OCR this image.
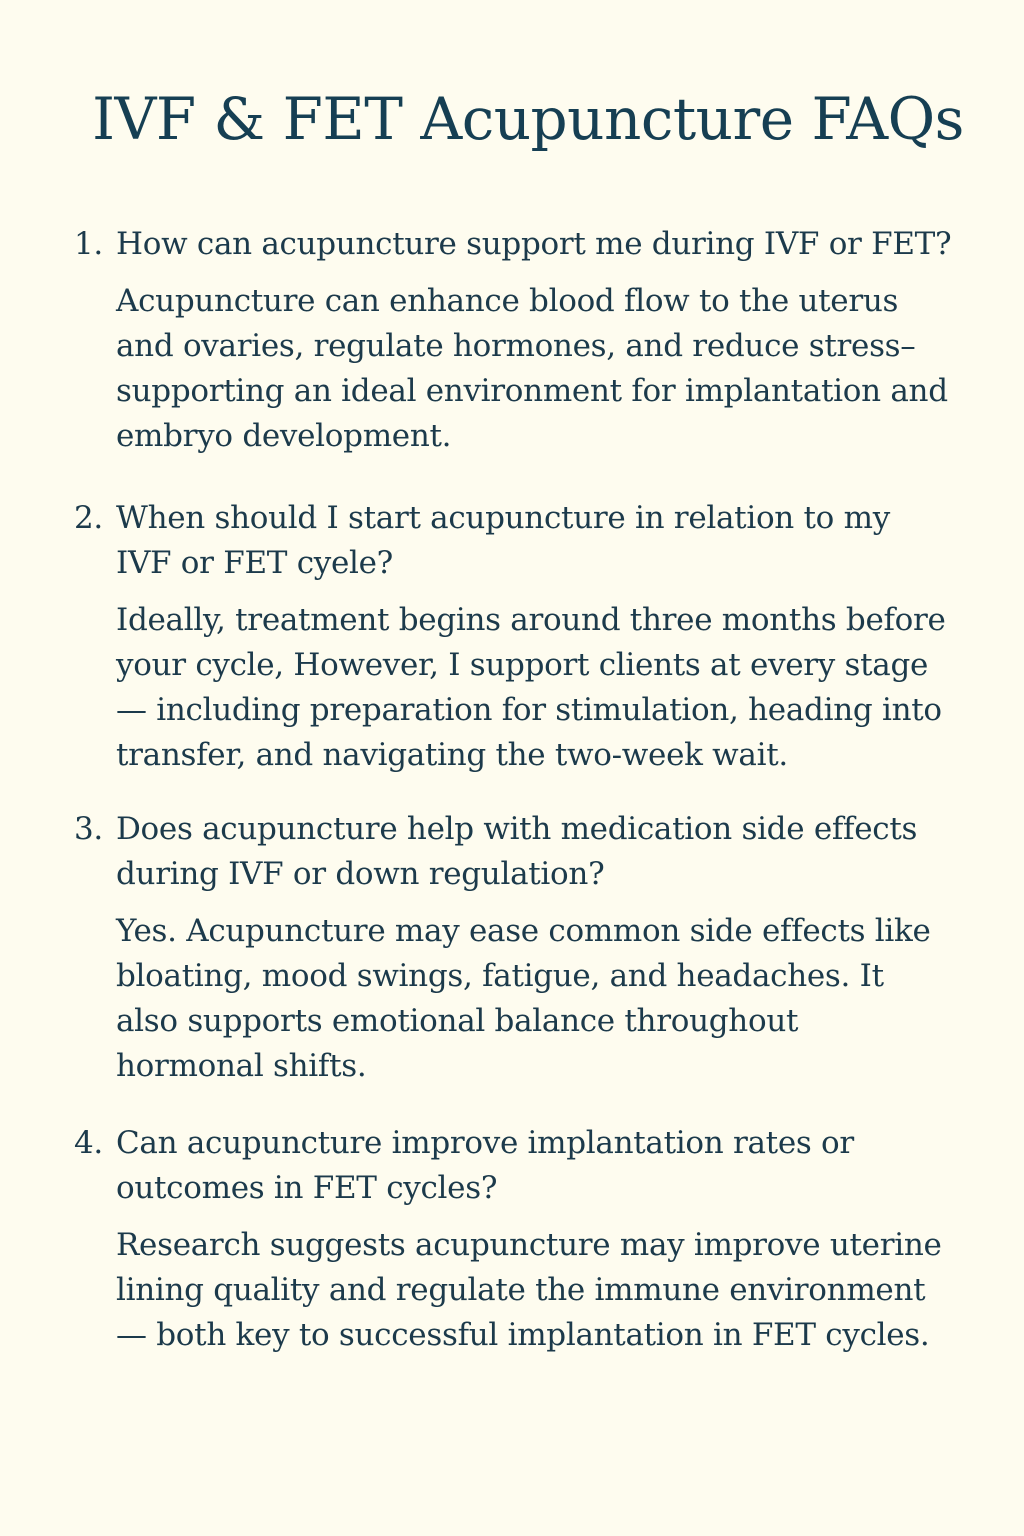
IVF & FET Acupuncture FAQs

1. How can acupuncture support me during IVF or FET?

Acupuncture can enhance blood flow to the uterus and ovaries, regulate hormones, and reduce stress– supporting an ideal environment for implantation and embryo development.

2. When should I start acupuncture in relation to my IVF or FET cyele?

Ideally, treatment begins around three months before your cycle, However, I support clients at every stage— including preparation for stimulation, heading into transfer, and navigating the two-week wait.

3. Does acupuncture help with medication side effects during IVF or down regulation?

Yes. Acupuncture may ease common side effects like bloating, mood swings, fatigue, and headaches. It also supports emotional balance throughout hormonal shifts.

4. Can acupuncture improve implantation rates or outcomes in FET cycles?

Research suggests acupuncture may improve uterine lining quality and regulate the immune environment— both key to successful implantation in FET cycles.
